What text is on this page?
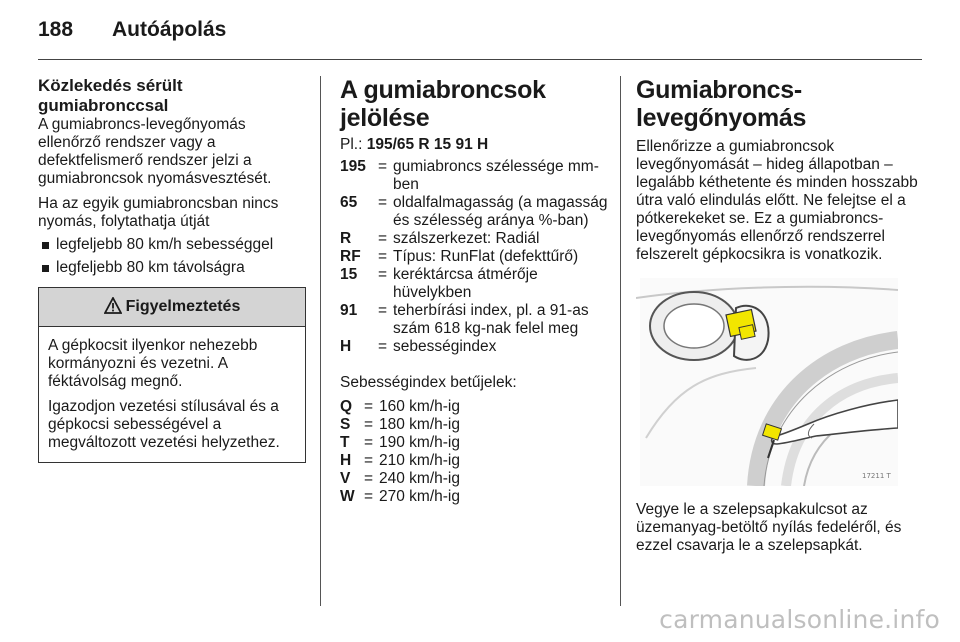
188 Autóápolás
Közlekedés sérült gumiabronccsal

A gumiabroncs-levegőnyomás ellenőrző rendszer vagy a defektfelismerő rendszer jelzi a gumiabroncsok nyomásvesztését.

Ha az egyik gumiabroncsban nincs nyomás, folytathatja útját

legfeljebb 80 km/h sebességgel
legfeljebb 80 km távolságra
Figyelmeztetés

A gépkocsit ilyenkor nehezebb kormányozni és vezetni. A féktávolság megnő.

Igazodjon vezetési stílusával és a gépkocsi sebességével a megváltozott vezetési helyzethez.

A gumiabroncsok jelölése

Pl.: 195/65 R 15 91 H

195 = gumiabroncs szélessége mm-ben
65	= oldalfalmagasság (a magasság és szélesség aránya %-ban)
R	= szálszerkezet: Radiál
RF	= Típus: RunFlat (defekttűrő)
15	= keréktárcsa átmérője hüvelykben
91	= teherbírási index, pl. a 91-as szám 618 kg-nak felel meg
H	= sebességindex

Sebességindex betűjelek:

Q = 160 km/h-ig
S = 180 km/h-ig
T = 190 km/h-ig
H = 210 km/h-ig
V = 240 km/h-ig
W = 270 km/h-ig
Gumiabroncs-levegőnyomás

Ellenőrizze a gumiabroncsok levegőnyomását – hideg állapotban – legalább kéthetente és minden hosszabb útra való elindulás előtt. Ne felejtse el a pótkerekeket se. Ez a gumiabroncs-levegőnyomás ellenőrző rendszerrel felszerelt gépkocsikra is vonatkozik.

17211 T

Vegye le a szelepsapkakulcsot az üzemanyag-betöltő nyílás fedeléről, és ezzel csavarja le a szelepsapkát.

carmanualsonline.info
